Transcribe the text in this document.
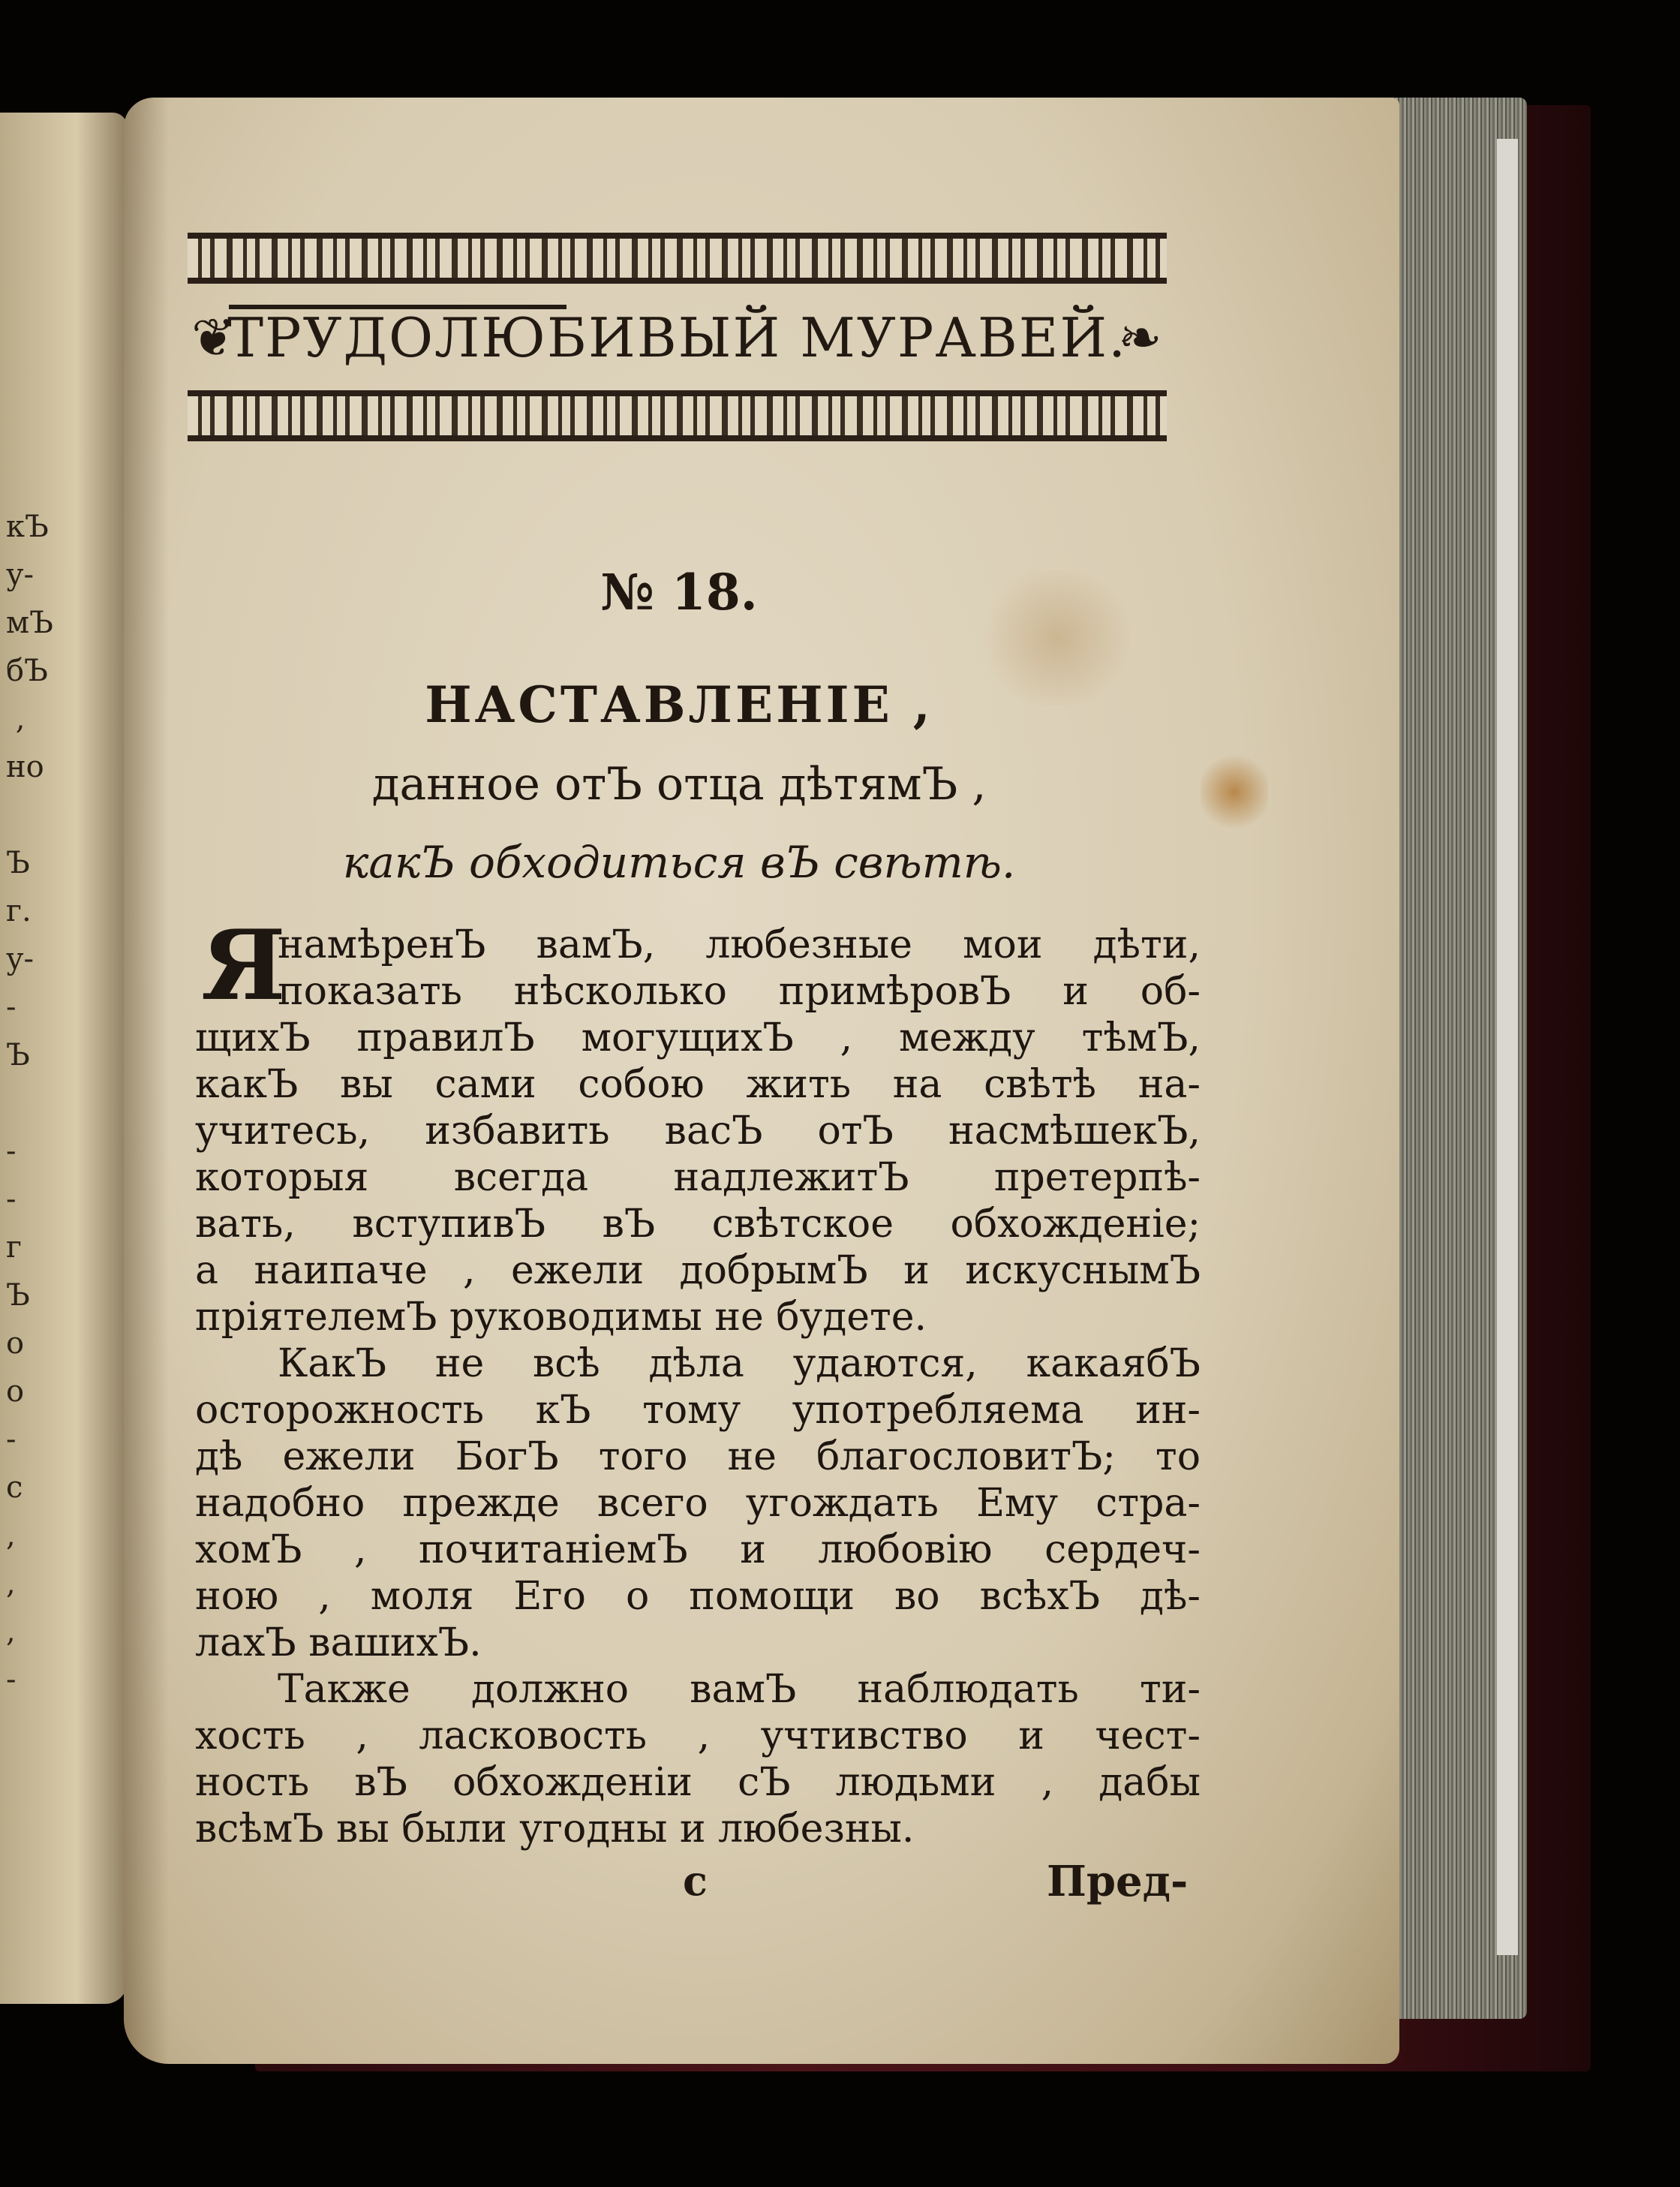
кЪ
у-
мЪ
бЪ
,
но

Ъ
г.
у-
-
Ъ

-
-
г
Ъ
о
о
-
с
,
,
,
-
❦
ТРУДОЛЮБИВЫЙ МУРАВЕЙ.
❧
№ 18.
НАСТАВЛЕНІЕ ,
данное отЪ отца дѣтямЪ ,
какЪ обходиться вЪ свѣтѣ.
Я
намѣренЪ вамЪ, любезные мои дѣти,
показать нѣсколько примѣровЪ и об-
щихЪ правилЪ могущихЪ , между тѣмЪ,
какЪ вы сами собою жить на свѣтѣ на-
учитесь, избавить васЪ отЪ насмѣшекЪ,
которыя всегда надлежитЪ претерпѣ-
вать, вступивЪ вЪ свѣтское обхожденіе;
а наипаче , ежели добрымЪ и искуснымЪ
пріятелемЪ руководимы не будете.
КакЪ не всѣ дѣла удаются, какаябЪ
осторожность кЪ тому употребляема ин-
дѣ ежели БогЪ того не благословитЪ; то
надобно прежде всего угождать Ему стра-
хомЪ , почитаніемЪ и любовію сердеч-
ною , моля Его о помощи во всѣхЪ дѣ-
лахЪ вашихЪ.
Также должно вамЪ наблюдать ти-
хость , ласковость , учтивство и чест-
ность вЪ обхожденіи сЪ людьми , дабы
всѣмЪ вы были угодны и любезны.
с	Пред-
